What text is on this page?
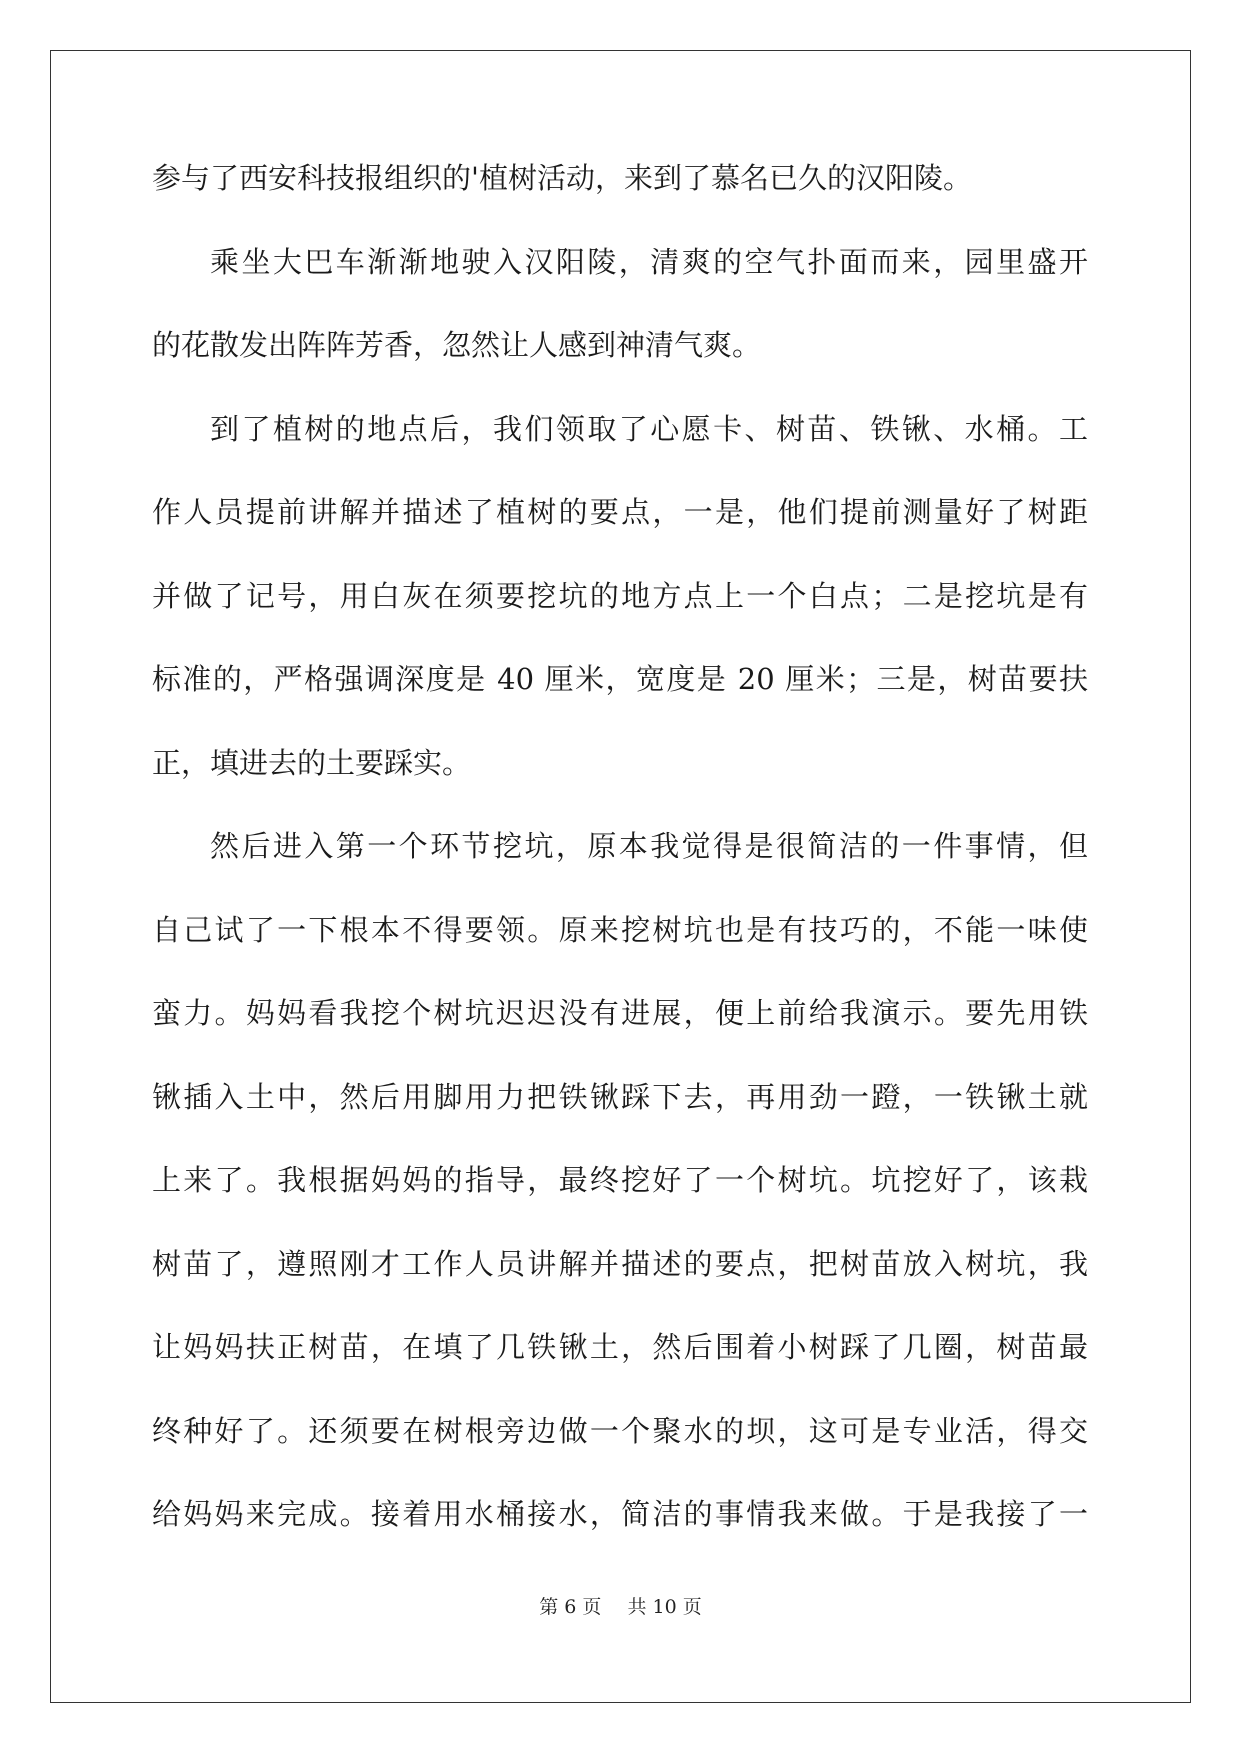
参与了西安科技报组织的'植树活动，来到了慕名已久的汉阳陵。
乘坐大巴车渐渐地驶入汉阳陵，清爽的空气扑面而来，园里盛开
的花散发出阵阵芳香，忽然让人感到神清气爽。
到了植树的地点后，我们领取了心愿卡、树苗、铁锹、水桶。工
作人员提前讲解并描述了植树的要点，一是，他们提前测量好了树距
并做了记号，用白灰在须要挖坑的地方点上一个白点；二是挖坑是有
标准的，严格强调深度是 40 厘米，宽度是 20 厘米；三是，树苗要扶
正，填进去的土要踩实。
然后进入第一个环节挖坑，原本我觉得是很简洁的一件事情，但
自己试了一下根本不得要领。原来挖树坑也是有技巧的，不能一味使
蛮力。妈妈看我挖个树坑迟迟没有进展，便上前给我演示。要先用铁
锹插入土中，然后用脚用力把铁锹踩下去，再用劲一蹬，一铁锹土就
上来了。我根据妈妈的指导，最终挖好了一个树坑。坑挖好了，该栽
树苗了，遵照刚才工作人员讲解并描述的要点，把树苗放入树坑，我
让妈妈扶正树苗，在填了几铁锹土，然后围着小树踩了几圈，树苗最
终种好了。还须要在树根旁边做一个聚水的坝，这可是专业活，得交
给妈妈来完成。接着用水桶接水，简洁的事情我来做。于是我接了一
第 6 页 共 10 页
